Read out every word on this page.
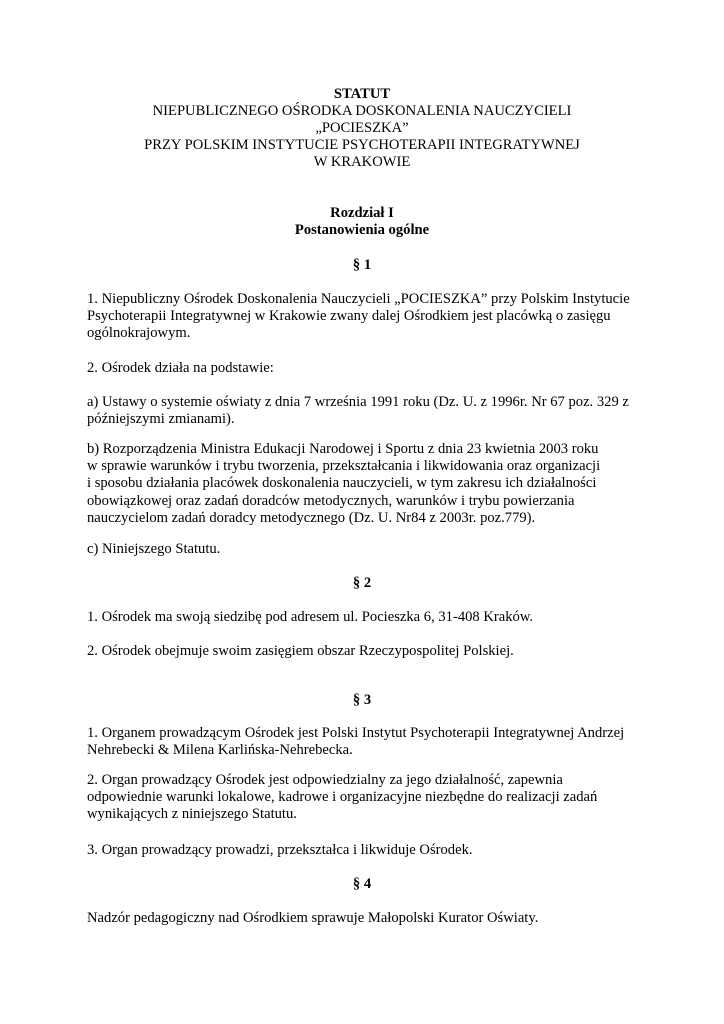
STATUT
NIEPUBLICZNEGO OŚRODKA DOSKONALENIA NAUCZYCIELI
„POCIESZKA”
PRZY POLSKIM INSTYTUCIE PSYCHOTERAPII INTEGRATYWNEJ
W KRAKOWIE
Rozdział I
Postanowienia ogólne
§ 1
1. Niepubliczny Ośrodek Doskonalenia Nauczycieli „POCIESZKA” przy Polskim Instytucie
Psychoterapii Integratywnej w Krakowie zwany dalej Ośrodkiem jest placówką o zasięgu
ogólnokrajowym.
2. Ośrodek działa na podstawie:
a) Ustawy o systemie oświaty z dnia 7 września 1991 roku (Dz. U. z 1996r. Nr 67 poz. 329 z
późniejszymi zmianami).
b) Rozporządzenia Ministra Edukacji Narodowej i Sportu z dnia 23 kwietnia 2003 roku
w sprawie warunków i trybu tworzenia, przekształcania i likwidowania oraz organizacji
i sposobu działania placówek doskonalenia nauczycieli, w tym zakresu ich działalności
obowiązkowej oraz zadań doradców metodycznych, warunków i trybu powierzania
nauczycielom zadań doradcy metodycznego (Dz. U. Nr84 z 2003r. poz.779).
c) Niniejszego Statutu.
§ 2
1. Ośrodek ma swoją siedzibę pod adresem ul. Pocieszka 6, 31-408 Kraków.
2. Ośrodek obejmuje swoim zasięgiem obszar Rzeczypospolitej Polskiej.
§ 3
1. Organem prowadzącym Ośrodek jest Polski Instytut Psychoterapii Integratywnej Andrzej
Nehrebecki & Milena Karlińska-Nehrebecka.
2. Organ prowadzący Ośrodek jest odpowiedzialny za jego działalność, zapewnia
odpowiednie warunki lokalowe, kadrowe i organizacyjne niezbędne do realizacji zadań
wynikających z niniejszego Statutu.
3. Organ prowadzący prowadzi, przekształca i likwiduje Ośrodek.
§ 4
Nadzór pedagogiczny nad Ośrodkiem sprawuje Małopolski Kurator Oświaty.
